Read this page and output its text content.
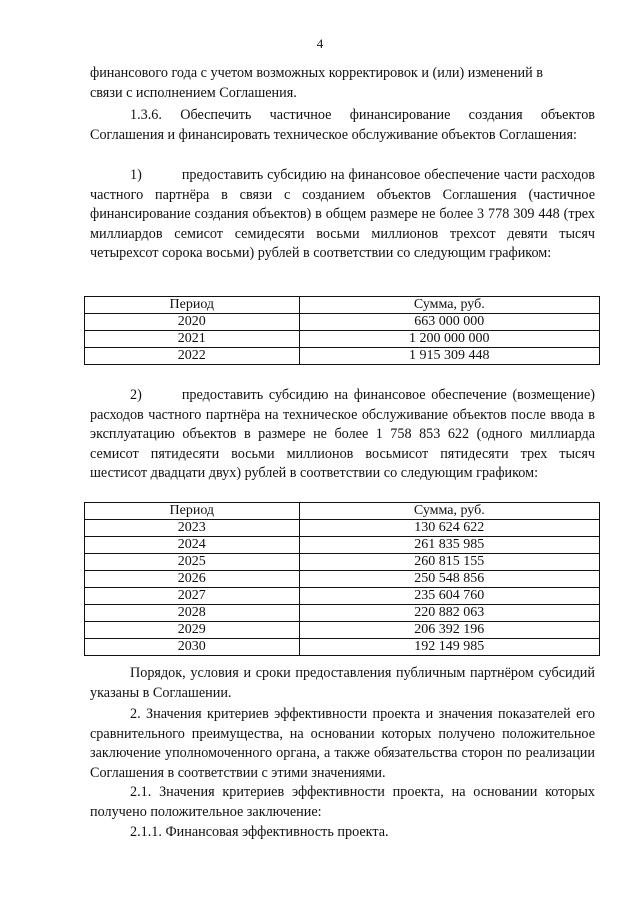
4

финансового года с учетом возможных корректировок и (или) изменений в

связи с исполнением Соглашения.

1.3.6. Обеспечить частичное финансирование создания объектов Соглашения и финансировать техническое обслуживание объектов Соглашения:

1)	предоставить субсидию на финансовое обеспечение части расходов частного партнёра в связи с созданием объектов Соглашения (частичное финансирование создания объектов) в общем размере не более 3 778 309 448 (трех миллиардов семисот семидесяти восьми миллионов трехсот девяти тысяч четырехсот сорока восьми) рублей в соответствии со следующим графиком:

Период	Сумма, руб.
2020	663 000 000
2021	1 200 000 000
2022	1 915 309 448

2)	предоставить субсидию на финансовое обеспечение (возмещение) расходов частного партнёра на техническое обслуживание объектов после ввода в эксплуатацию объектов в размере не более 1 758 853 622 (одного миллиарда семисот пятидесяти восьми миллионов восьмисот пятидесяти трех тысяч шестисот двадцати двух) рублей в соответствии со следующим графиком:

Период	Сумма, руб.
2023	130 624 622
2024	261 835 985
2025	260 815 155
2026	250 548 856
2027	235 604 760
2028	220 882 063
2029	206 392 196
2030	192 149 985

Порядок, условия и сроки предоставления публичным партнёром субсидий указаны в Соглашении.

2. Значения критериев эффективности проекта и значения показателей его сравнительного преимущества, на основании которых получено положительное заключение уполномоченного органа, а также обязательства сторон по реализации Соглашения в соответствии с этими значениями.

2.1. Значения критериев эффективности проекта, на основании которых получено положительное заключение:

2.1.1. Финансовая эффективность проекта.
